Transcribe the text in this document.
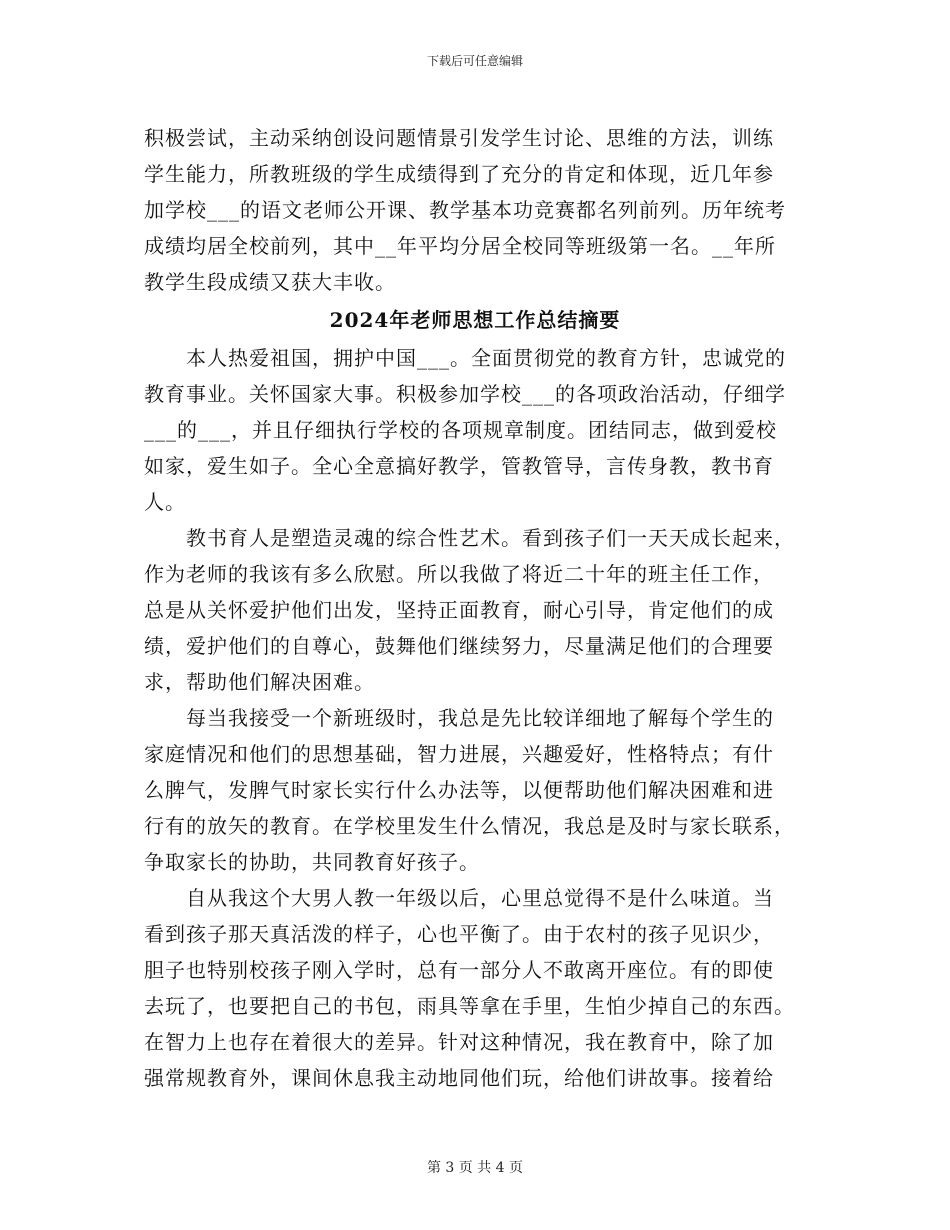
下载后可任意编辑
积极尝试，主动采纳创设问题情景引发学生讨论、思维的方法，训练
学生能力，所教班级的学生成绩得到了充分的肯定和体现，近几年参
加学校___的语文老师公开课、教学基本功竞赛都名列前列。历年统考
成绩均居全校前列，其中__年平均分居全校同等班级第一名。__年所
教学生段成绩又获大丰收。
2024年老师思想工作总结摘要
本人热爱祖国，拥护中国___。全面贯彻党的教育方针，忠诚党的
教育事业。关怀国家大事。积极参加学校___的各项政治活动，仔细学
___的___，并且仔细执行学校的各项规章制度。团结同志，做到爱校
如家，爱生如子。全心全意搞好教学，管教管导，言传身教，教书育
人。
教书育人是塑造灵魂的综合性艺术。看到孩子们一天天成长起来，
作为老师的我该有多么欣慰。所以我做了将近二十年的班主任工作，
总是从关怀爱护他们出发，坚持正面教育，耐心引导，肯定他们的成
绩，爱护他们的自尊心，鼓舞他们继续努力，尽量满足他们的合理要
求，帮助他们解决困难。
每当我接受一个新班级时，我总是先比较详细地了解每个学生的
家庭情况和他们的思想基础，智力进展，兴趣爱好，性格特点；有什
么脾气，发脾气时家长实行什么办法等，以便帮助他们解决困难和进
行有的放矢的教育。在学校里发生什么情况，我总是及时与家长联系，
争取家长的协助，共同教育好孩子。
自从我这个大男人教一年级以后，心里总觉得不是什么味道。当
看到孩子那天真活泼的样子，心也平衡了。由于农村的孩子见识少，
胆子也特别校孩子刚入学时，总有一部分人不敢离开座位。有的即使
去玩了，也要把自己的书包，雨具等拿在手里，生怕少掉自己的东西。
在智力上也存在着很大的差异。针对这种情况，我在教育中，除了加
强常规教育外，课间休息我主动地同他们玩，给他们讲故事。接着给
第 3 页 共 4 页
